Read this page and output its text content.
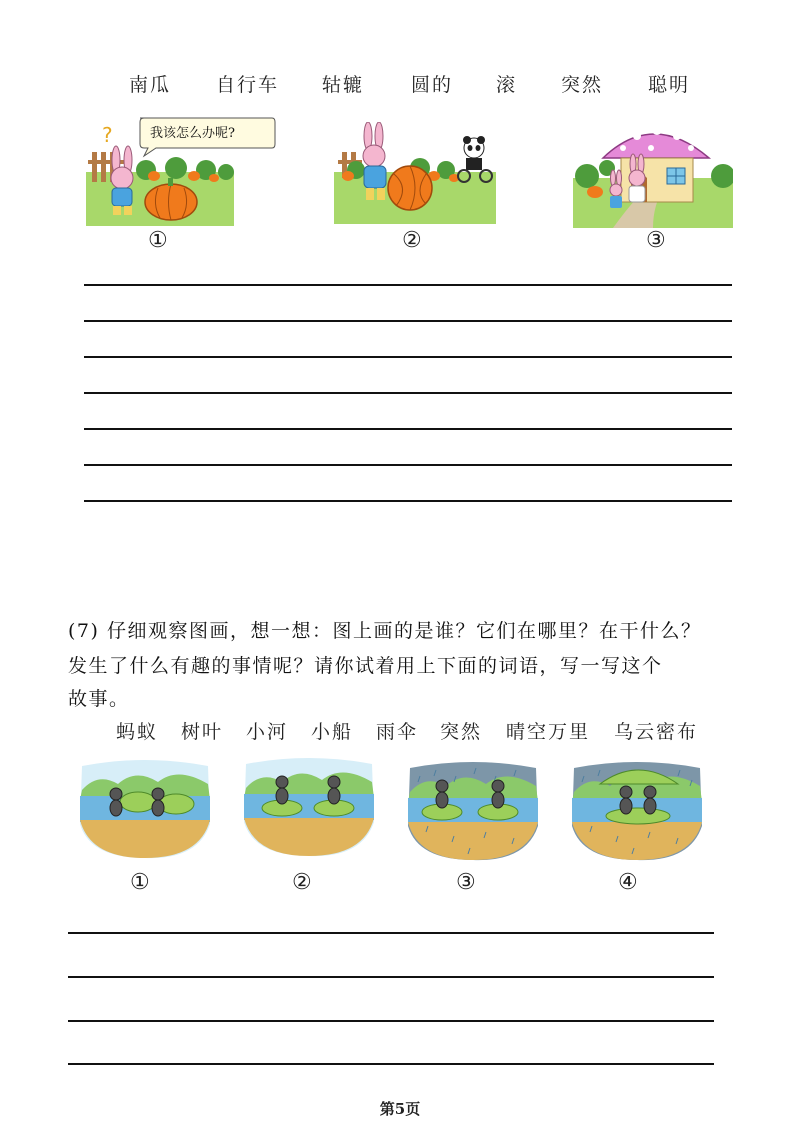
南瓜 自行车 轱辘 圆的 滚 突然 聪明
?	我该怎么办呢?
①	②	③
(7) 仔细观察图画，想一想：图上画的是谁？它们在哪里？在干什么？
发生了什么有趣的事情呢？请你试着用上下面的词语，写一写这个
故事。
蚂蚁 树叶 小河 小船 雨伞 突然 晴空万里 乌云密布
①	②	③	④
第5页
